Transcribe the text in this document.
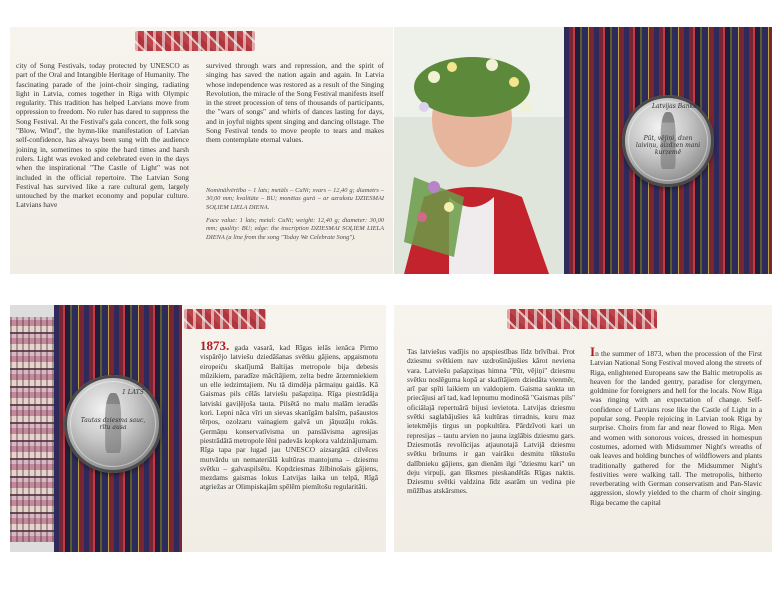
city of Song Festivals, today protected by UNESCO as part of the Oral and Intangible Heritage of Humanity. The fascinating parade of the joint-choir singing, radiating light in Latvia, comes together in Riga with Olympic regularity. This tradition has helped Latvians move from oppression to freedom. No ruler has dared to suppress the Song Festival. At the Festival's gala concert, the folk song "Blow, Wind", the hymn-like manifestation of Latvian self-confidence, has always been sung with the audience joining in, sometimes to spite the hard times and harsh rulers. Light was evoked and celebrated even in the days when the inspirational "The Castle of Light" was not included in the official repertoire. The Latvian Song Festival has survived like a rare cultural gem, largely untouched by the market economy and popular culture. Latvians have
survived through wars and repression, and the spirit of singing has saved the nation again and again. In Latvia whose independence was restored as a result of the Singing Revolution, the miracle of the Song Festival manifests itself in the street procession of tens of thousands of participants, the "wars of songs" and whirls of dances lasting for days, and in joyful nights spent singing and dancing ollstage. The Song Festival tends to move people to tears and makes them contemplate eternal values.
Nominālvērtība – 1 lats; metāls – CuNi; svars – 12,40 g; diametrs – 30,00 mm; kvalitāte – BU; monētas gurā – ar uzrakstu DZIESMAI SOĻIEM LIELA DIENA.
Face value: 1 lats; metal: CuNi; weight: 12,40 g; diameter: 30,00 mm; quality: BU; edge: the inscription DZIESMAI SOĻIEM LIELA DIENA (a line from the song "Today We Celebrate Song").
Latvijas Banka
Pūt, vējiņi, dzen laiviņu, aizdzen mani kurzemē
1 LATS
Tautas dziesma sauc, rītu ausa
1873. gada vasarā, kad Rīgas ielās ienāca Pirmo vispārējo latviešu dziedāšanas svētku gājiens, apgaismotu eiropeiču skatījumā Baltijas metropole bija debesis mūzikiem, paradīze mācītājiem, zelta bedre ārzemniekiem un elle iedzimtajiem. Nu tā dimdēja pārmaiņu gaidās. Kā Gaismas pils cēlās latviešu pašapziņa. Rīga piestrādāja latviski gaviļējoša tauta. Pilsētā no malu malām ieradās kori. Lepni nāca vīri un sievas skanīgām balsīm, pašaustos tērpos, ozolzaru vainagiem galvā un jāņuzāļu rokās. Ģermāņu konservatīvisma un panslāvisma agresijas piestrādātā metropole lēni padevās kopkora valdzinājumam. Rīga tapa par lugad jau UNESCO aizsargātā cilvēces mutvārdu un nemateriālā kultūras mantojuma – dziesmu svētku – galvaspilsētu. Kopdziesmas žilbinošais gājiens, mezdams gaismas lokus Latvijas laika un telpā, Rīgā atgriežas ar Olimpiskajām spēlēm piemītošu regularitāti.
Tas latviešus vadījis no apspiestības līdz brīvībai. Prot dziesmu svētkiem nav uzdrošinājušies kārot neviena vara. Latviešu pašapziņas himna "Pūt, vējiņi" dziesmu svētku noslēguma kopā ar skatītājiem dziedāta vienmēr, arī par spīti laikiem un valdoņiem. Gaisma saukta un priecājusi arī tad, kad lepnumu modinošā "Gaismas pils" oficiālajā repertuārā bijusi ievietota. Latvijas dziesmu svētki saglabājušies kā kultūras tirradnis, kuru maz ietekmējis tirgus un popkultūra. Pārdzīvoti kari un represijas – tautu arvien no jauna izglābis dziesmu gars. Dziesmotās revolūcijas atjaunotajā Latvijā dziesmu svētku brīnums ir gan vairāku desmitu tūkstošu dalībnieku gājiens, gan dienām ilgi "dziesmu kari" un deju virpuļi, gan līksmes pieskandētās Rīgas naktis. Dziesmu svētki valdzina līdz asarām un vedina pie mūžības atskārsmes.
In the summer of 1873, when the procession of the First Latvian National Song Festival moved along the streets of Riga, enlightened Europeans saw the Baltic metropolis as heaven for the landed gentry, paradise for clergymen, goldmine for foreigners and hell for the locals. Now Riga was ringing with an expectation of change. Self-confidence of Latvians rose like the Castle of Light in a popular song. People rejoicing in Latvian took Riga by surprise. Choirs from far and near flowed to Riga. Men and women with sonorous voices, dressed in homespun costumes, adorned with Midsummer Night's wreaths of oak leaves and holding bunches of wildflowers and plants traditionally gathered for the Midsummer Night's festivities were walking tall. The metropolis, hitherto reverberating with German conservatism and Pan-Slavic aggression, slowly yielded to the charm of choir singing. Riga became the capital
